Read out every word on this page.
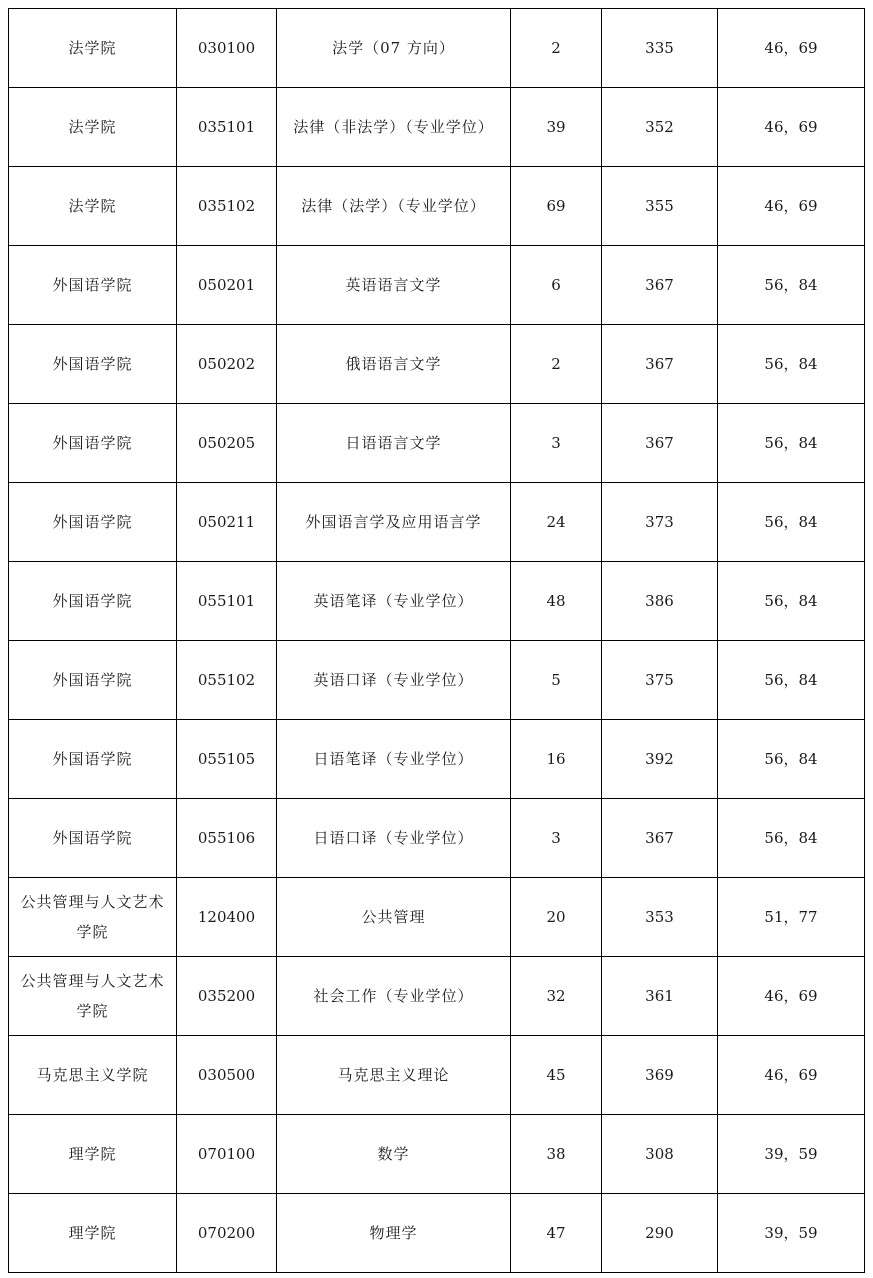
法学院	030100	法学（07 方向）	2	335	46，69
法学院	035101	法律（非法学）（专业学位）	39	352	46，69
法学院	035102	法律（法学）（专业学位）	69	355	46，69
外国语学院	050201	英语语言文学	6	367	56，84
外国语学院	050202	俄语语言文学	2	367	56，84
外国语学院	050205	日语语言文学	3	367	56，84
外国语学院	050211	外国语言学及应用语言学	24	373	56，84
外国语学院	055101	英语笔译（专业学位）	48	386	56，84
外国语学院	055102	英语口译（专业学位）	5	375	56，84
外国语学院	055105	日语笔译（专业学位）	16	392	56，84
外国语学院	055106	日语口译（专业学位）	3	367	56，84
公共管理与人文艺术学院	120400	公共管理	20	353	51，77
公共管理与人文艺术学院	035200	社会工作（专业学位）	32	361	46，69
马克思主义学院	030500	马克思主义理论	45	369	46，69
理学院	070100	数学	38	308	39，59
理学院	070200	物理学	47	290	39，59
